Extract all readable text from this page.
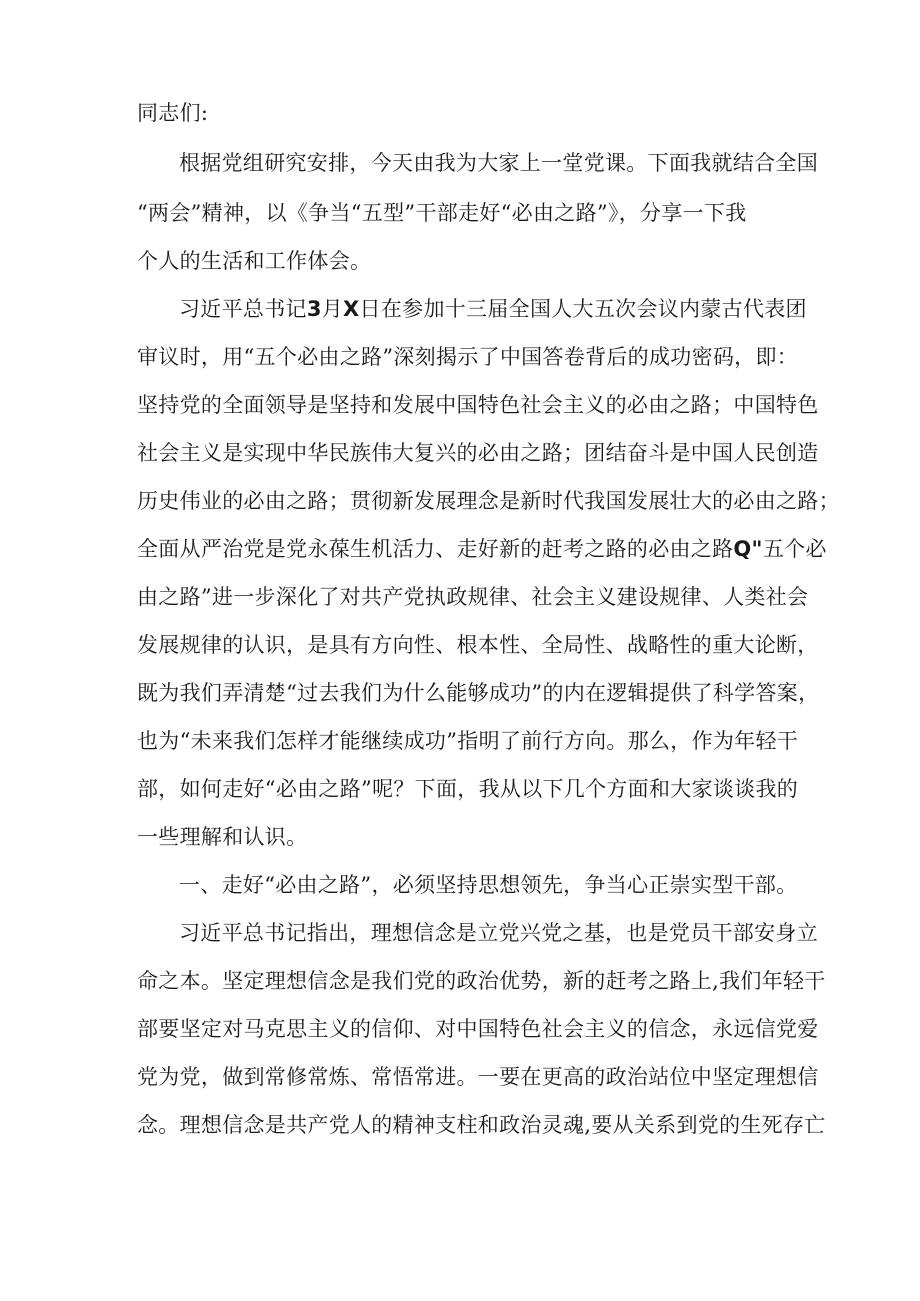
同志们:
根据党组研究安排，今天由我为大家上一堂党课。下面我就结合全国
“两会”精神，以《争当“五型”干部走好“必由之路”》，分享一下我
个人的生活和工作体会。
习近平总书记3月X日在参加十三届全国人大五次会议内蒙古代表团
审议时，用“五个必由之路”深刻揭示了中国答卷背后的成功密码，即：
坚持党的全面领导是坚持和发展中国特色社会主义的必由之路；中国特色
社会主义是实现中华民族伟大复兴的必由之路；团结奋斗是中国人民创造
历史伟业的必由之路；贯彻新发展理念是新时代我国发展壮大的必由之路；
全面从严治党是党永葆生机活力、走好新的赶考之路的必由之路Q"五个必
由之路”进一步深化了对共产党执政规律、社会主义建设规律、人类社会
发展规律的认识，是具有方向性、根本性、全局性、战略性的重大论断，
既为我们弄清楚“过去我们为什么能够成功”的内在逻辑提供了科学答案，
也为“未来我们怎样才能继续成功”指明了前行方向。那么，作为年轻干
部，如何走好“必由之路”呢？下面，我从以下几个方面和大家谈谈我的
一些理解和认识。
一、走好“必由之路”，必须坚持思想领先，争当心正崇实型干部。
习近平总书记指出，理想信念是立党兴党之基，也是党员干部安身立
命之本。坚定理想信念是我们党的政治优势，新的赶考之路上,我们年轻干
部要坚定对马克思主义的信仰、对中国特色社会主义的信念，永远信党爱
党为党，做到常修常炼、常悟常进。一要在更高的政治站位中坚定理想信
念。理想信念是共产党人的精神支柱和政治灵魂,要从关系到党的生死存亡
